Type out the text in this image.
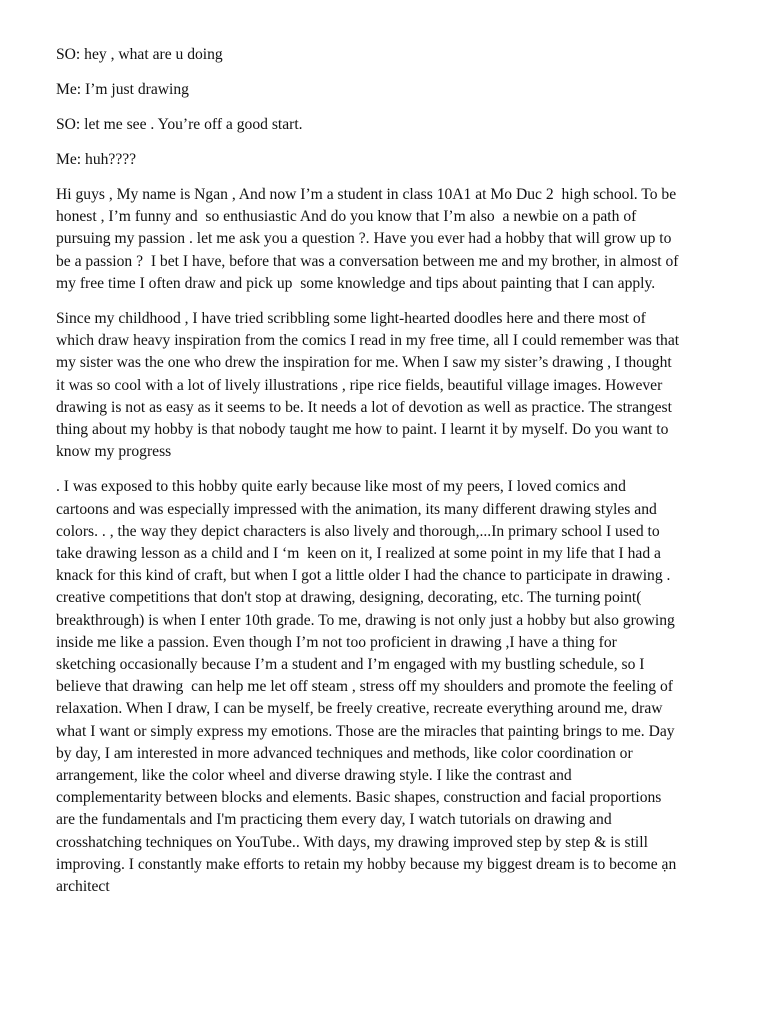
SO: hey , what are u doing

Me: I’m just drawing

SO: let me see . You’re off a good start.

Me: huh????

Hi guys , My name is Ngan , And now I’m a student in class 10A1 at Mo Duc 2  high school. To be honest , I’m funny and  so enthusiastic And do you know that I’m also  a newbie on a path of  pursuing my passion . let me ask you a question ?. Have you ever had a hobby that will grow up to be a passion ?  I bet I have, before that was a conversation between me and my brother, in almost of my free time I often draw and pick up  some knowledge and tips about painting that I can apply.

Since my childhood , I have tried scribbling some light-hearted doodles here and there most of which draw heavy inspiration from the comics I read in my free time, all I could remember was that my sister was the one who drew the inspiration for me. When I saw my sister’s drawing , I thought it was so cool with a lot of lively illustrations , ripe rice fields, beautiful village images. However drawing is not as easy as it seems to be. It needs a lot of devotion as well as practice. The strangest thing about my hobby is that nobody taught me how to paint. I learnt it by myself. Do you want to know my progress

. I was exposed to this hobby quite early because like most of my peers, I loved comics and cartoons and was especially impressed with the animation, its many different drawing styles and colors. . , the way they depict characters is also lively and thorough,...In primary school I used to take drawing lesson as a child and I ‘m  keen on it, I realized at some point in my life that I had a knack for this kind of craft, but when I got a little older I had the chance to participate in drawing . creative competitions that don't stop at drawing, designing, decorating, etc. The turning point( breakthrough) is when I enter 10th grade. To me, drawing is not only just a hobby but also growing inside me like a passion. Even though I’m not too proficient in drawing ,I have a thing for sketching occasionally because I’m a student and I’m engaged with my bustling schedule, so I believe that drawing  can help me let off steam , stress off my shoulders and promote the feeling of relaxation. When I draw, I can be myself, be freely creative, recreate everything around me, draw what I want or simply express my emotions. Those are the miracles that painting brings to me. Day by day, I am interested in more advanced techniques and methods, like color coordination or arrangement, like the color wheel and diverse drawing style. I like the contrast and complementarity between blocks and elements. Basic shapes, construction and facial proportions are the fundamentals and I'm practicing them every day, I watch tutorials on drawing and crosshatching techniques on YouTube.. With days, my drawing improved step by step & is still improving. I constantly make efforts to retain my hobby because my biggest dream is to become ạn architect
